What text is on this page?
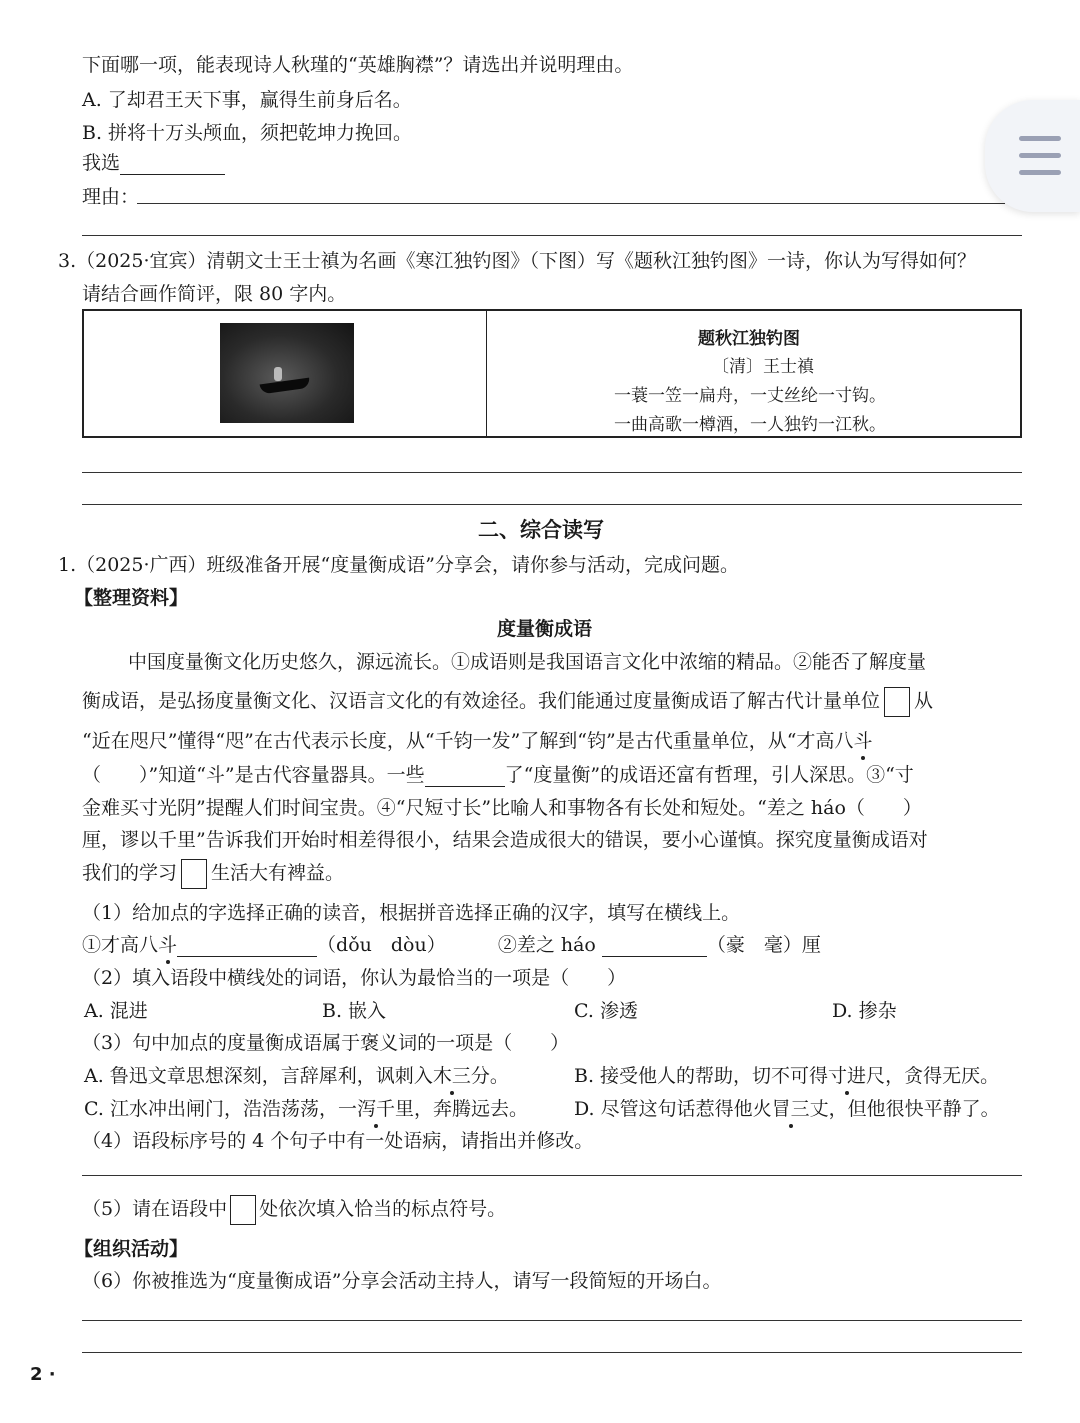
下面哪一项，能表现诗人秋瑾的“英雄胸襟”？请选出并说明理由。
A. 了却君王天下事，赢得生前身后名。
B. 拼将十万头颅血，须把乾坤力挽回。
我选
理由：
3.（2025·宜宾）清朝文士王士禛为名画《寒江独钓图》（下图）写《题秋江独钓图》一诗，你认为写得如何？
请结合画作简评，限 80 字内。
题秋江独钓图
〔清〕王士禛
一蓑一笠一扁舟，一丈丝纶一寸钩。
一曲高歌一樽酒，一人独钓一江秋。
二、综合读写
1.（2025·广西）班级准备开展“度量衡成语”分享会，请你参与活动，完成问题。
【整理资料】
度量衡成语
中国度量衡文化历史悠久，源远流长。①成语则是我国语言文化中浓缩的精品。②能否了解度量
衡成语，是弘扬度量衡文化、汉语言文化的有效途径。我们能通过度量衡成语了解古代计量单位 从
“近在咫尺”懂得“咫”在古代表示长度，从“千钧一发”了解到“钧”是古代重量单位，从“才高八斗
（　　）”知道“斗”是古代容量器具。一些	了“度量衡”的成语还富有哲理，引人深思。③“寸
金难买寸光阴”提醒人们时间宝贵。④“尺短寸长”比喻人和事物各有长处和短处。“差之 háo（　　）
厘，谬以千里”告诉我们开始时相差得很小，结果会造成很大的错误，要小心谨慎。探究度量衡成语对
我们的学习 生活大有裨益。
（1）给加点的字选择正确的读音，根据拼音选择正确的汉字，填写在横线上。
①才高八斗	（dǒu　dòu）	②差之 háo	（豪　毫）厘
（2）填入语段中横线处的词语，你认为最恰当的一项是（　　）
A. 混进	B. 嵌入	C. 渗透	D. 掺杂
（3）句中加点的度量衡成语属于褒义词的一项是（　　）
A. 鲁迅文章思想深刻，言辞犀利，讽刺入木三分。	B. 接受他人的帮助，切不可得寸进尺，贪得无厌。
C. 江水冲出闸门，浩浩荡荡，一泻千里，奔腾远去。 D. 尽管这句话惹得他火冒三丈，但他很快平静了。
（4）语段标序号的 4 个句子中有一处语病，请指出并修改。
（5）请在语段中 处依次填入恰当的标点符号。
【组织活动】
（6）你被推选为“度量衡成语”分享会活动主持人，请写一段简短的开场白。
2 ·
